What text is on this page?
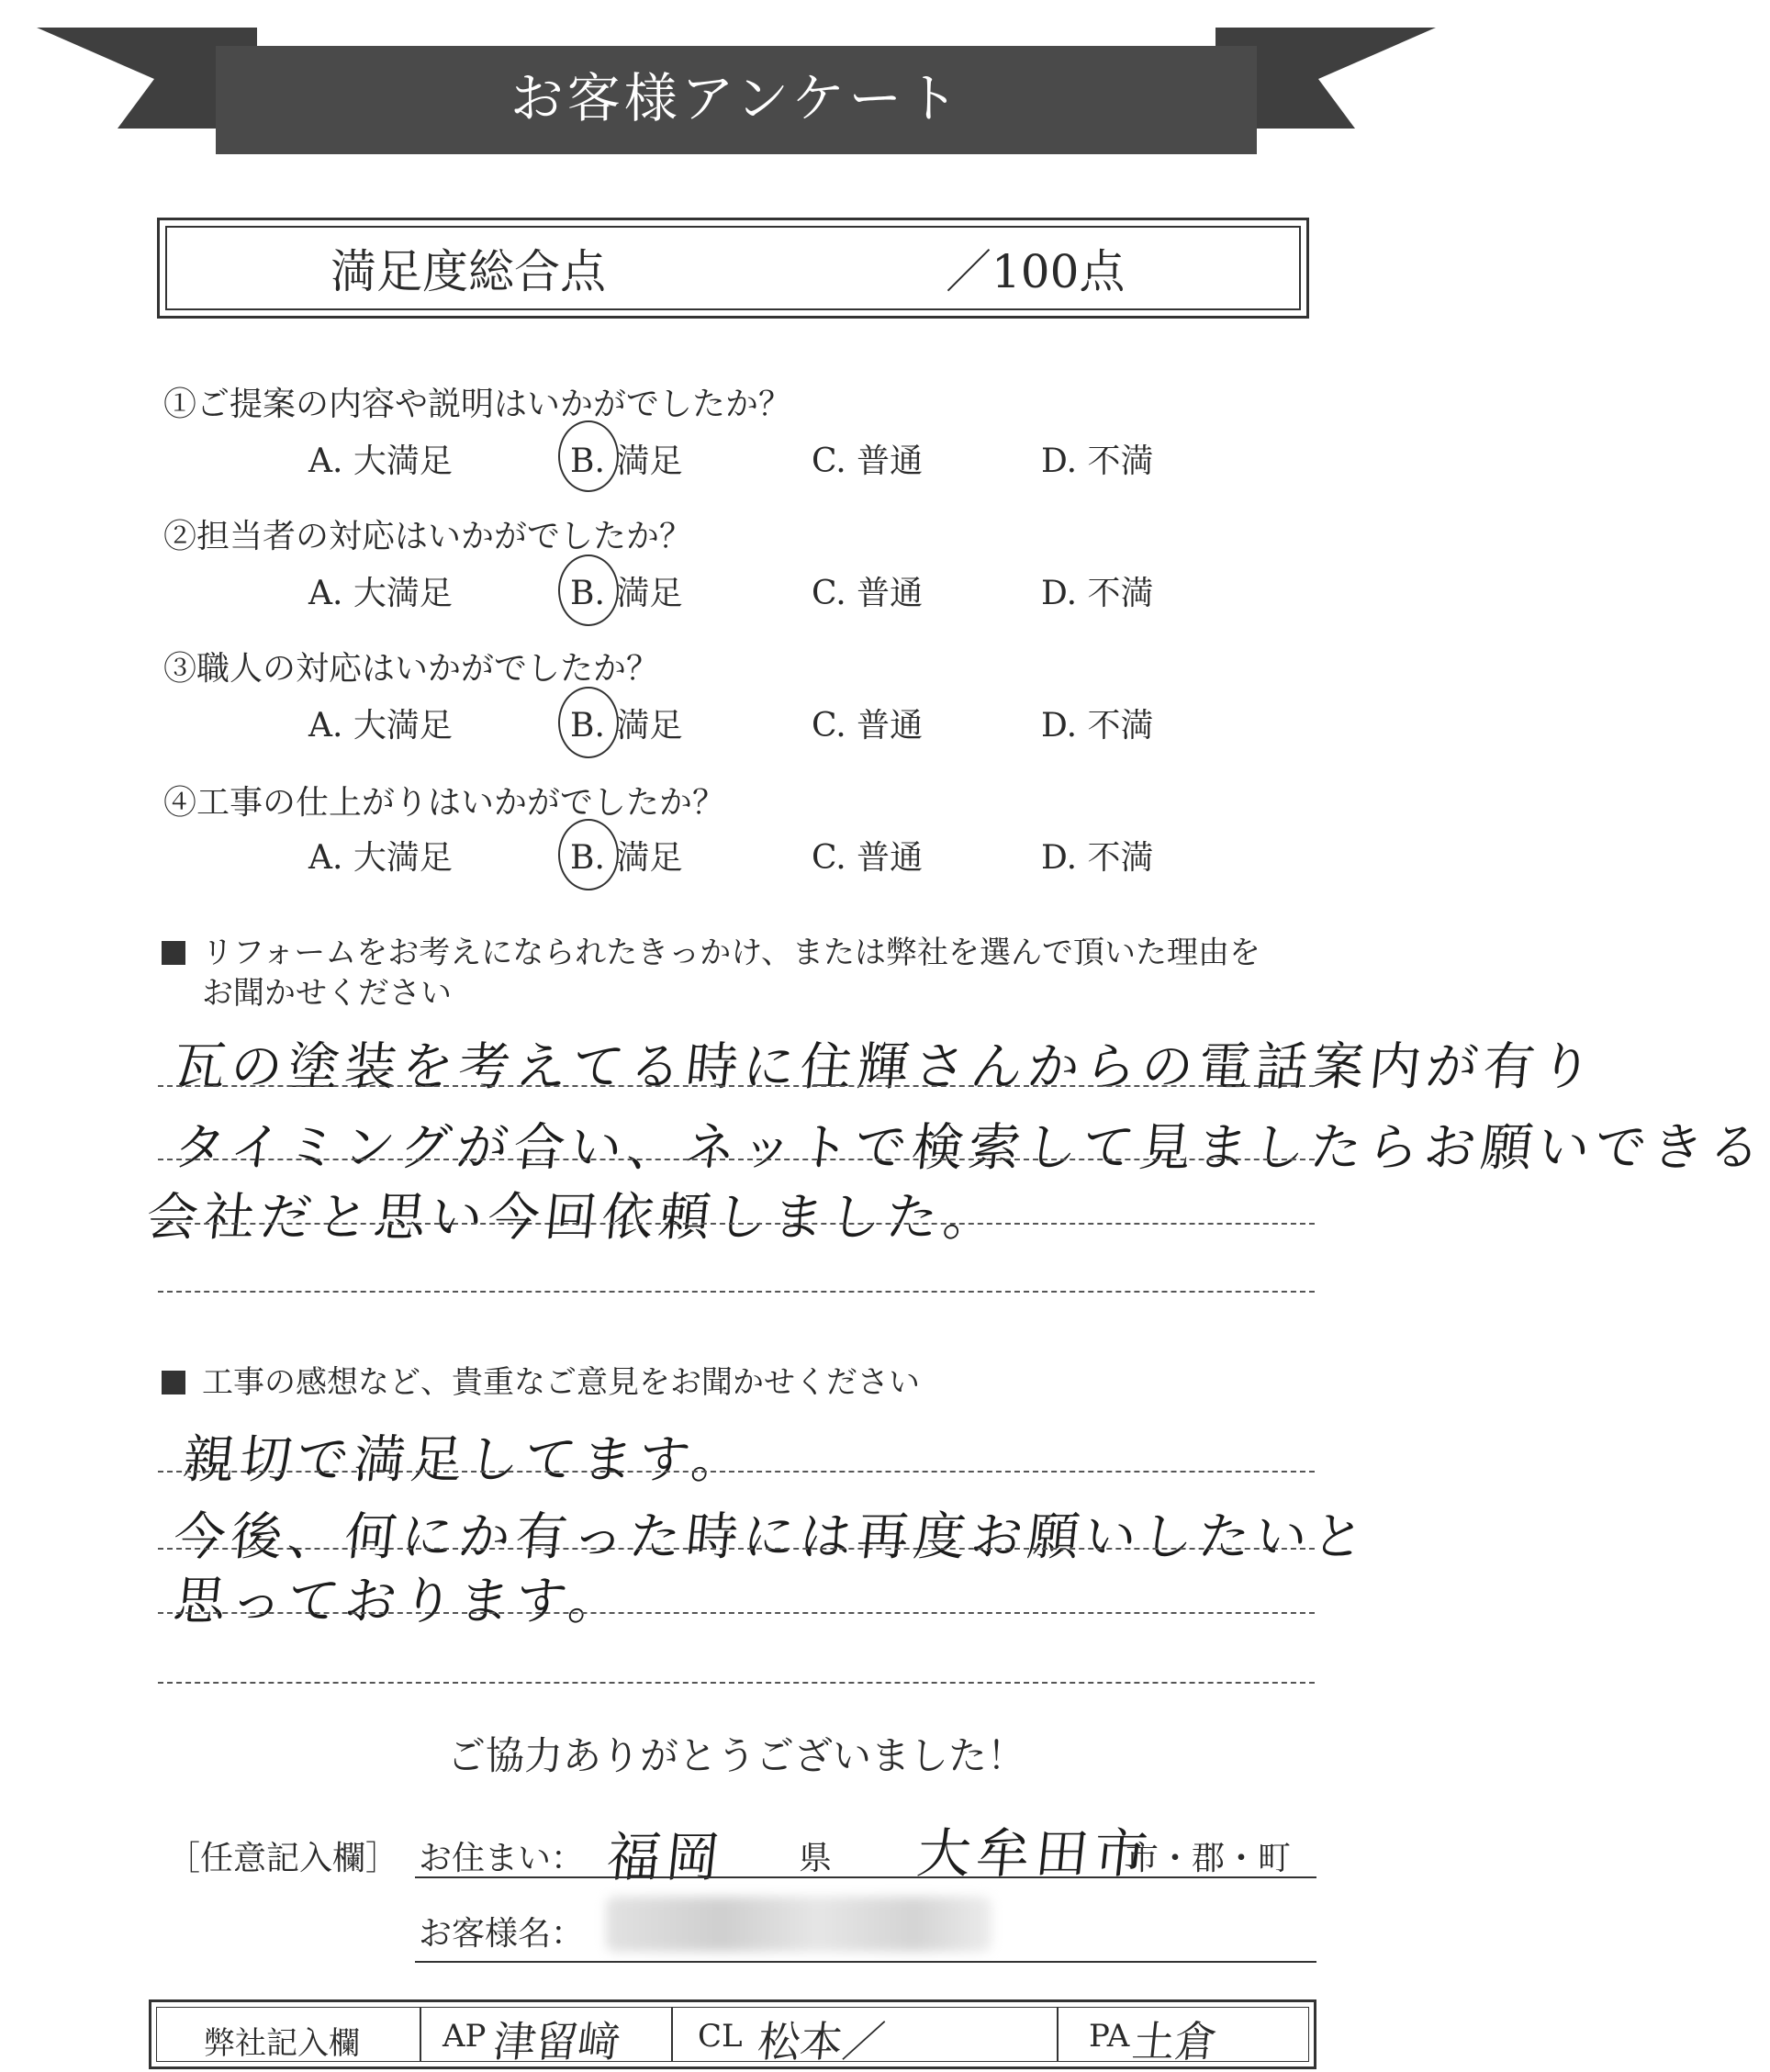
お客様アンケート
満足度総合点	／100点
①ご提案の内容や説明はいかがでしたか？
A. 大満足	B. 満足	C. 普通	D. 不満
②担当者の対応はいかがでしたか？
A. 大満足	B. 満足	C. 普通	D. 不満
③職人の対応はいかがでしたか？
A. 大満足	B. 満足	C. 普通	D. 不満
④工事の仕上がりはいかがでしたか？
A. 大満足	B. 満足	C. 普通	D. 不満
リフォームをお考えになられたきっかけ、または弊社を選んで頂いた理由を
お聞かせください
瓦の塗装を考えてる時に住輝さんからの電話案内が有り
タイミングが合い、ネットで検索して見ましたらお願いできる
会社だと思い今回依頼しました。
工事の感想など、貴重なご意見をお聞かせください
親切で満足してます。
今後、何にか有った時には再度お願いしたいと
思っております。
ご協力ありがとうございました！
［任意記入欄］ お住まい： 福岡 県 大牟田市
市・郡・町
お客様名：
弊社記入欄	AP 津留﨑 CL 松本／	PA 土倉
